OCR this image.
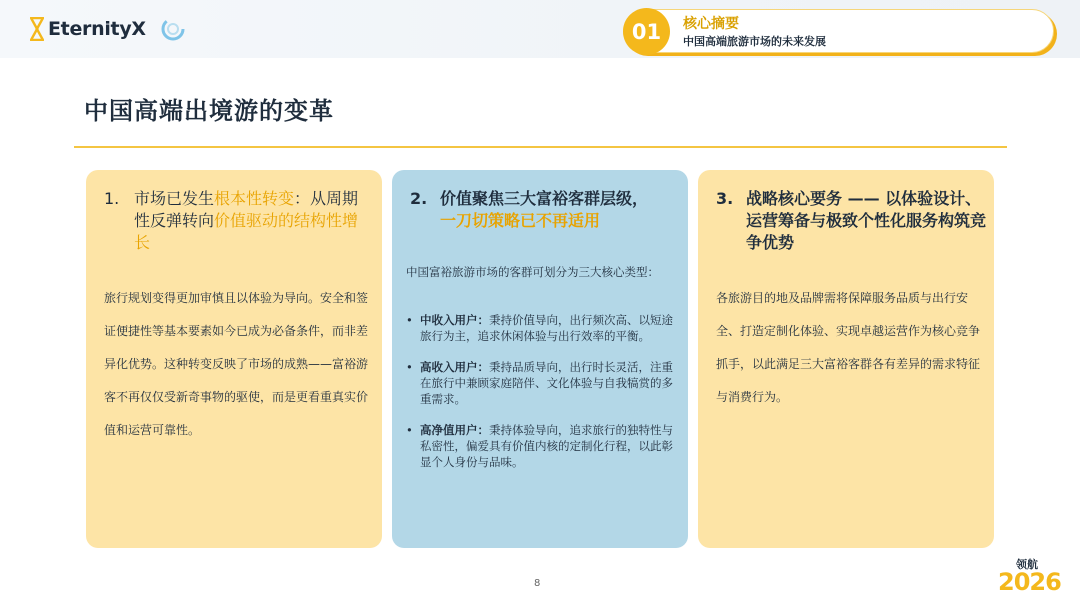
EternityX	01	核心摘要
中国高端旅游市场的未来发展
中国高端出境游的变革
1. 市场已发生根本性转变：从周期性反弹转向价值驱动的结构性增长

旅行规划变得更加审慎且以体验为导向。安全和签证便捷性等基本要素如今已成为必备条件，而非差异化优势。这种转变反映了市场的成熟——富裕游客不再仅仅受新奇事物的驱使，而是更看重真实价值和运营可靠性。

2. 价值聚焦三大富裕客群层级，
一刀切策略已不再适用

中国富裕旅游市场的客群可划分为三大核心类型：

• 中收入用户：秉持价值导向，出行频次高、以短途旅行为主，追求休闲体验与出行效率的平衡。
• 高收入用户：秉持品质导向，出行时长灵活，注重在旅行中兼顾家庭陪伴、文化体验与自我犒赏的多重需求。
• 高净值用户：秉持体验导向，追求旅行的独特性与私密性，偏爱具有价值内核的定制化行程，以此彰显个人身份与品味。
3. 战略核心要务 —— 以体验设计、运营筹备与极致个性化服务构筑竞争优势

各旅游目的地及品牌需将保障服务品质与出行安全、打造定制化体验、实现卓越运营作为核心竞争抓手，以此满足三大富裕客群各有差异的需求特征与消费行为。

8
领航
2026
